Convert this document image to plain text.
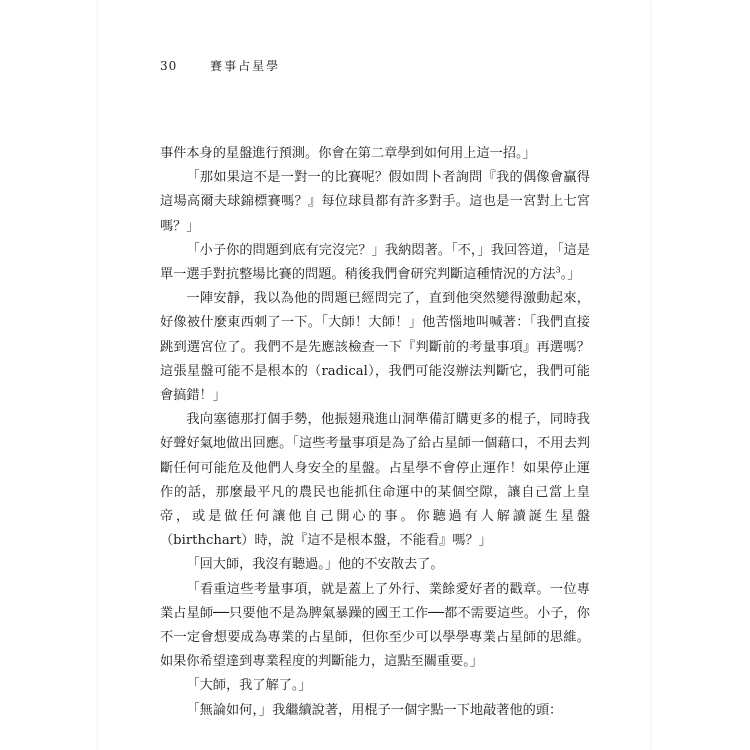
30	賽事占星學

事件本身的星盤進行預測。你會在第二章學到如何用上這一招。」

「那如果這不是一對一的比賽呢？假如問卜者詢問『我的偶像會贏得這場高爾夫球錦標賽嗎？』每位球員都有許多對手。這也是一宮對上七宮嗎？」

「小子你的問題到底有完沒完？」我納悶著。「不，」我回答道，「這是單一選手對抗整場比賽的問題。稍後我們會研究判斷這種情況的方法$^3$。」

一陣安靜，我以為他的問題已經問完了，直到他突然變得激動起來，好像被什麼東西刺了一下。「大師！大師！」他苦惱地叫喊著：「我們直接跳到選宮位了。我們不是先應該檢查一下『判斷前的考量事項』再選嗎？這張星盤可能不是根本的（radical），我們可能沒辦法判斷它，我們可能會搞錯！」

我向塞德那打個手勢，他振翅飛進山洞準備訂購更多的棍子，同時我好聲好氣地做出回應。「這些考量事項是為了給占星師一個藉口，不用去判斷任何可能危及他們人身安全的星盤。占星學不會停止運作！如果停止運作的話，那麼最平凡的農民也能抓住命運中的某個空隙，讓自己當上皇帝，或是做任何讓他自己開心的事。你聽過有人解讀誕生星盤（birthchart）時，說『這不是根本盤，不能看』嗎？」

「回大師，我沒有聽過。」他的不安散去了。

「看重這些考量事項，就是蓋上了外行、業餘愛好者的戳章。一位專業占星師──只要他不是為脾氣暴躁的國王工作──都不需要這些。小子，你不一定會想要成為專業的占星師，但你至少可以學學專業占星師的思維。如果你希望達到專業程度的判斷能力，這點至關重要。」

「大師，我了解了。」

「無論如何，」我繼續說著，用棍子一個字點一下地敲著他的頭：
